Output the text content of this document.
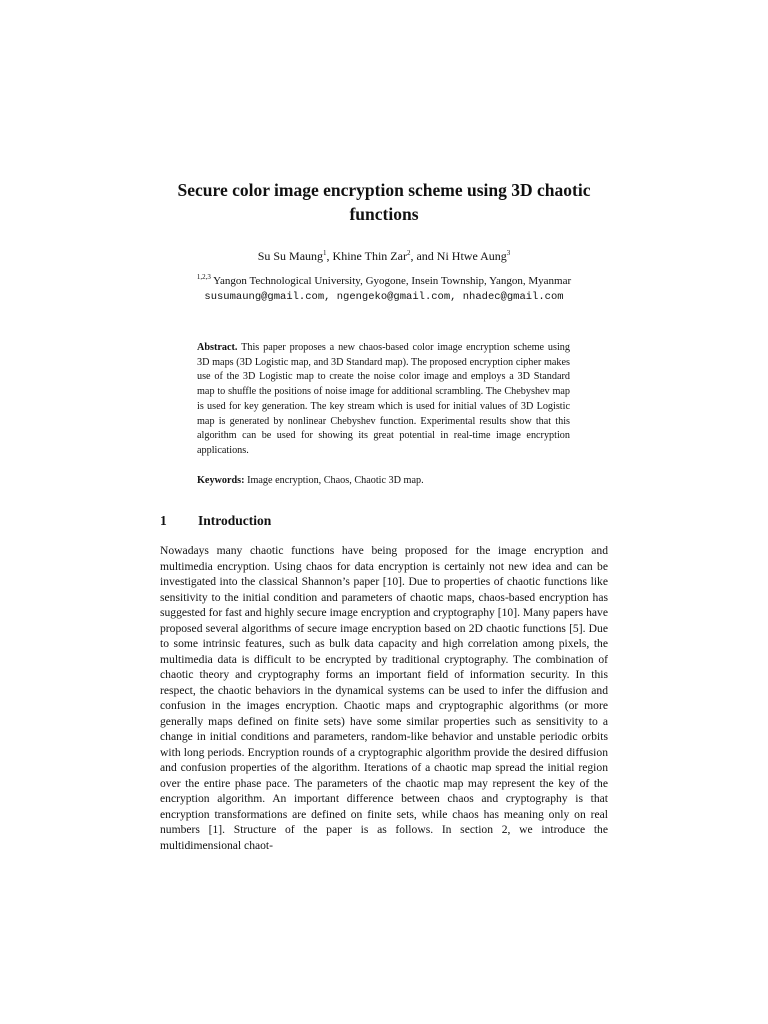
Secure color image encryption scheme using 3D chaotic functions

Su Su Maung$^1$, Khine Thin Zar$^2$, and Ni Htwe Aung$^3$

$^{1,2,3}$ Yangon Technological University, Gyogone, Insein Township, Yangon, Myanmar

susumaung@gmail.com, ngengeko@gmail.com, nhadec@gmail.com

Abstract. This paper proposes a new chaos-based color image encryption scheme using 3D maps (3D Logistic map, and 3D Standard map). The proposed encryption cipher makes use of the 3D Logistic map to create the noise color image and employs a 3D Standard map to shuffle the positions of noise image for additional scrambling. The Chebyshev map is used for key generation. The key stream which is used for initial values of 3D Logistic map is generated by nonlinear Chebyshev function. Experimental results show that this algorithm can be used for showing its great potential in real-time image encryption applications.

Keywords: Image encryption, Chaos, Chaotic 3D map.

1 Introduction

Nowadays many chaotic functions have being proposed for the image encryption and multimedia encryption. Using chaos for data encryption is certainly not new idea and can be investigated into the classical Shannon’s paper [10]. Due to properties of chaotic functions like sensitivity to the initial condition and parameters of chaotic maps, chaos-based encryption has suggested for fast and highly secure image encryption and cryptography [10]. Many papers have proposed several algorithms of secure image encryption based on 2D chaotic functions [5]. Due to some intrinsic features, such as bulk data capacity and high correlation among pixels, the multimedia data is difficult to be encrypted by traditional cryptography. The combination of chaotic theory and cryptography forms an important field of information security. In this respect, the chaotic behaviors in the dynamical systems can be used to infer the diffusion and confusion in the images encryption. Chaotic maps and cryptographic algorithms (or more generally maps defined on finite sets) have some similar properties such as sensitivity to a change in initial conditions and parameters, random-like behavior and unstable periodic orbits with long periods. Encryption rounds of a cryptographic algorithm provide the desired diffusion and confusion properties of the algorithm. Iterations of a chaotic map spread the initial region over the entire phase pace. The parameters of the chaotic map may represent the key of the encryption algorithm. An important difference between chaos and cryptography is that encryption transformations are defined on finite sets, while chaos has meaning only on real numbers [1]. Structure of the paper is as follows. In section 2, we introduce the multidimensional chaot-
